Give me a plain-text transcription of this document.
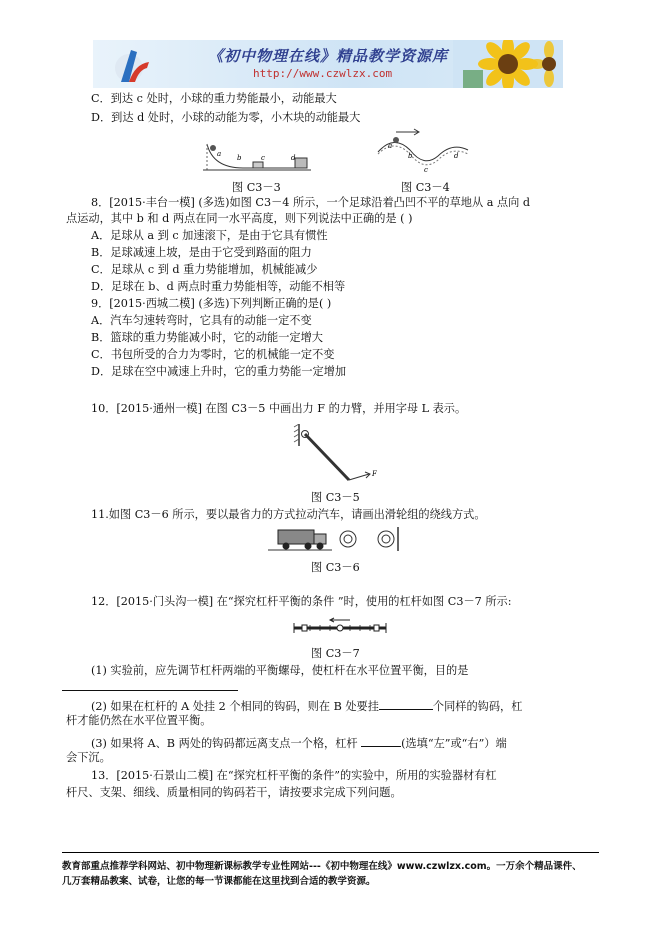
《初中物理在线》精品教学资源库
http://www.czwlzx.com
C．到达 c 处时，小球的重力势能最小，动能最大
D．到达 d 处时，小球的动能为零，小木块的动能最大
a b	c	d
图 C3－3
a
b
c
d
图 C3－4
8．[2015·丰台一模] (多选)如图 C3－4 所示，一个足球沿着凸凹不平的草地从 a 点向 d
点运动，其中 b 和 d 两点在同一水平高度，则下列说法中正确的是 ( )
A．足球从 a 到 c 加速滚下，是由于它具有惯性
B．足球减速上坡，是由于它受到路面的阻力
C．足球从 c 到 d 重力势能增加，机械能减少
D．足球在 b、d 两点时重力势能相等，动能不相等
9．[2015·西城二模] (多选)下列判断正确的是( )
A．汽车匀速转弯时，它具有的动能一定不变
B．篮球的重力势能减小时，它的动能一定增大
C．书包所受的合力为零时，它的机械能一定不变
D．足球在空中减速上升时，它的重力势能一定增加
10．[2015·通州一模] 在图 C3－5 中画出力 F 的力臂，并用字母 L 表示。
F
图 C3－5
11.如图 C3－6 所示，要以最省力的方式拉动汽车，请画出滑轮组的绕线方式。
图 C3－6
12．[2015·门头沟一模] 在“探究杠杆平衡的条件 ”时，使用的杠杆如图 C3－7 所示:
图 C3－7
(1) 实验前，应先调节杠杆两端的平衡螺母，使杠杆在水平位置平衡，目的是
(2) 如果在杠杆的 A 处挂 2 个相同的钩码，则在 B 处要挂	个同样的钩码，杠
杆才能仍然在水平位置平衡。
(3) 如果将 A、B 两处的钩码都远离支点一个格，杠杆	(选填“左”或“右”）端
会下沉。
13．[2015·石景山二模] 在“探究杠杆平衡的条件”的实验中，所用的实验器材有杠
杆尺、支架、细线、质量相同的钩码若干，请按要求完成下列问题。
教育部重点推荐学科网站、初中物理新课标教学专业性网站---《初中物理在线》www.czwlzx.com。一万余个精品课件、
几万套精品教案、试卷，让您的每一节课都能在这里找到合适的教学资源。
